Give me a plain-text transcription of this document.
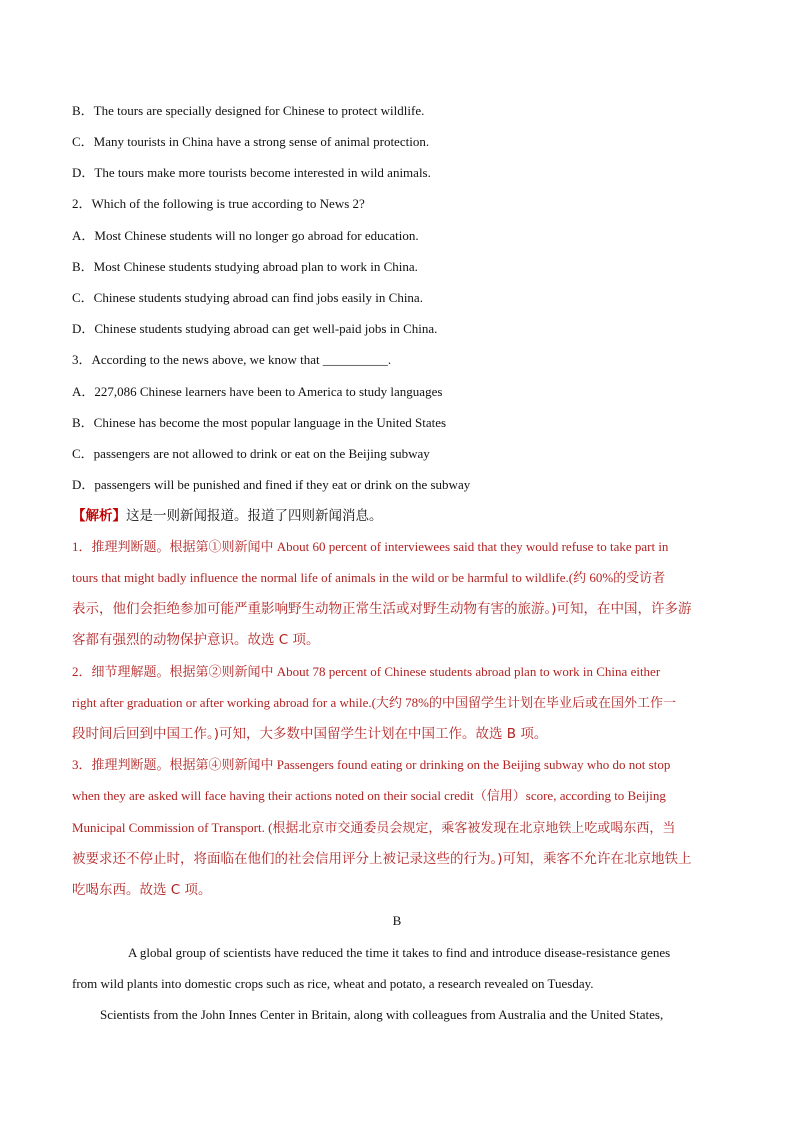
B．The tours are specially designed for Chinese to protect wildlife.
C．Many tourists in China have a strong sense of animal protection.
D．The tours make more tourists become interested in wild animals.
2．Which of the following is true according to News 2?
A．Most Chinese students will no longer go abroad for education.
B．Most Chinese students studying abroad plan to work in China.
C．Chinese students studying abroad can find jobs easily in China.
D．Chinese students studying abroad can get well-paid jobs in China.
3．According to the news above, we know that __________.
A．227,086 Chinese learners have been to America to study languages
B．Chinese has become the most popular language in the United States
C．passengers are not allowed to drink or eat on the Beijing subway
D．passengers will be punished and fined if they eat or drink on the subway
【解析】这是一则新闻报道。报道了四则新闻消息。
1．推理判断题。根据第①则新闻中 About 60 percent of interviewees said that they would refuse to take part in
tours that might badly influence the normal life of animals in the wild or be harmful to wildlife.(约 60%的受访者
表示，他们会拒绝参加可能严重影响野生动物正常生活或对野生动物有害的旅游。)可知，在中国，许多游
客都有强烈的动物保护意识。故选 C 项。
2．细节理解题。根据第②则新闻中 About 78 percent of Chinese students abroad plan to work in China either
right after graduation or after working abroad for a while.(大约 78%的中国留学生计划在毕业后或在国外工作一
段时间后回到中国工作。)可知，大多数中国留学生计划在中国工作。故选 B 项。
3．推理判断题。根据第④则新闻中 Passengers found eating or drinking on the Beijing subway who do not stop
when they are asked will face having their actions noted on their social credit（信用）score, according to Beijing
Municipal Commission of Transport. (根据北京市交通委员会规定，乘客被发现在北京地铁上吃或喝东西，当
被要求还不停止时，将面临在他们的社会信用评分上被记录这些的行为。)可知，乘客不允许在北京地铁上
吃喝东西。故选 C 项。
B
A global group of scientists have reduced the time it takes to find and introduce disease-resistance genes
from wild plants into domestic crops such as rice, wheat and potato, a research revealed on Tuesday.
Scientists from the John Innes Center in Britain, along with colleagues from Australia and the United States,
